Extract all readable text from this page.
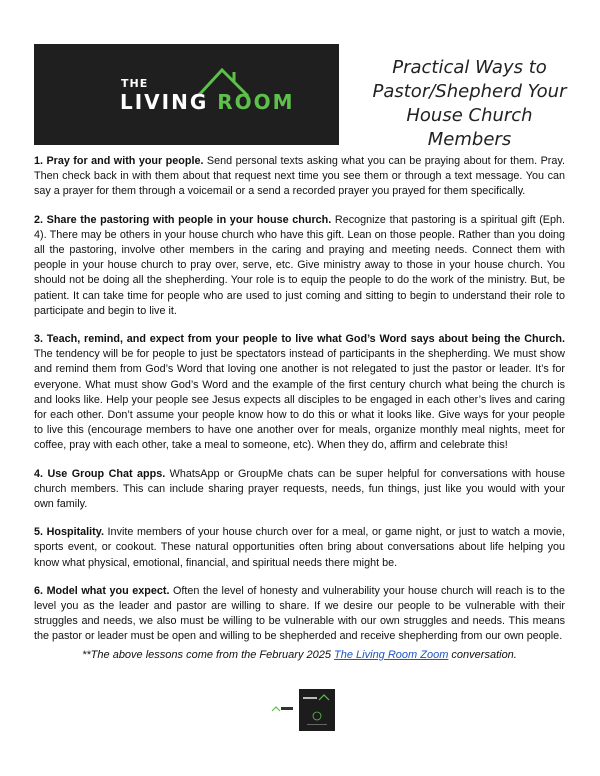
THE
LIVING ROOM
Practical Ways to
Pastor/Shepherd Your
House Church
Members

1. Pray for and with your people. Send personal texts asking what you can be praying about for them. Pray. Then check back in with them about that request next time you see them or through a text message. You can say a prayer for them through a voicemail or a send a recorded prayer you prayed for them specifically.

2. Share the pastoring with people in your house church. Recognize that pastoring is a spiritual gift (Eph. 4). There may be others in your house church who have this gift. Lean on those people. Rather than you doing all the pastoring, involve other members in the caring and praying and meeting needs. Connect them with people in your house church to pray over, serve, etc. Give ministry away to those in your house church. You should not be doing all the shepherding. Your role is to equip the people to do the work of the ministry. But, be patient. It can take time for people who are used to just coming and sitting to begin to understand their role to participate and begin to live it.

3. Teach, remind, and expect from your people to live what God’s Word says about being the Church. The tendency will be for people to just be spectators instead of participants in the shepherding. We must show and remind them from God’s Word that loving one another is not relegated to just the pastor or leader. It’s for everyone. What must show God’s Word and the example of the first century church what being the church is and looks like. Help your people see Jesus expects all disciples to be engaged in each other’s lives and caring for each other. Don’t assume your people know how to do this or what it looks like. Give ways for your people to live this (encourage members to have one another over for meals, organize monthly meal nights, meet for coffee, pray with each other, take a meal to someone, etc). When they do, affirm and celebrate this!

4. Use Group Chat apps. WhatsApp or GroupMe chats can be super helpful for conversations with house church members. This can include sharing prayer requests, needs, fun things, just like you would with your own family.

5. Hospitality. Invite members of your house church over for a meal, or game night, or just to watch a movie, sports event, or cookout. These natural opportunities often bring about conversations about life helping you know what physical, emotional, financial, and spiritual needs there might be.

6. Model what you expect. Often the level of honesty and vulnerability your house church will reach is to the level you as the leader and pastor are willing to share. If we desire our people to be vulnerable with their struggles and needs, we also must be willing to be vulnerable with our own struggles and needs. This means the pastor or leader must be open and willing to be shepherded and receive shepherding from our own people.

**The above lessons come from the February 2025 The Living Room Zoom conversation.
